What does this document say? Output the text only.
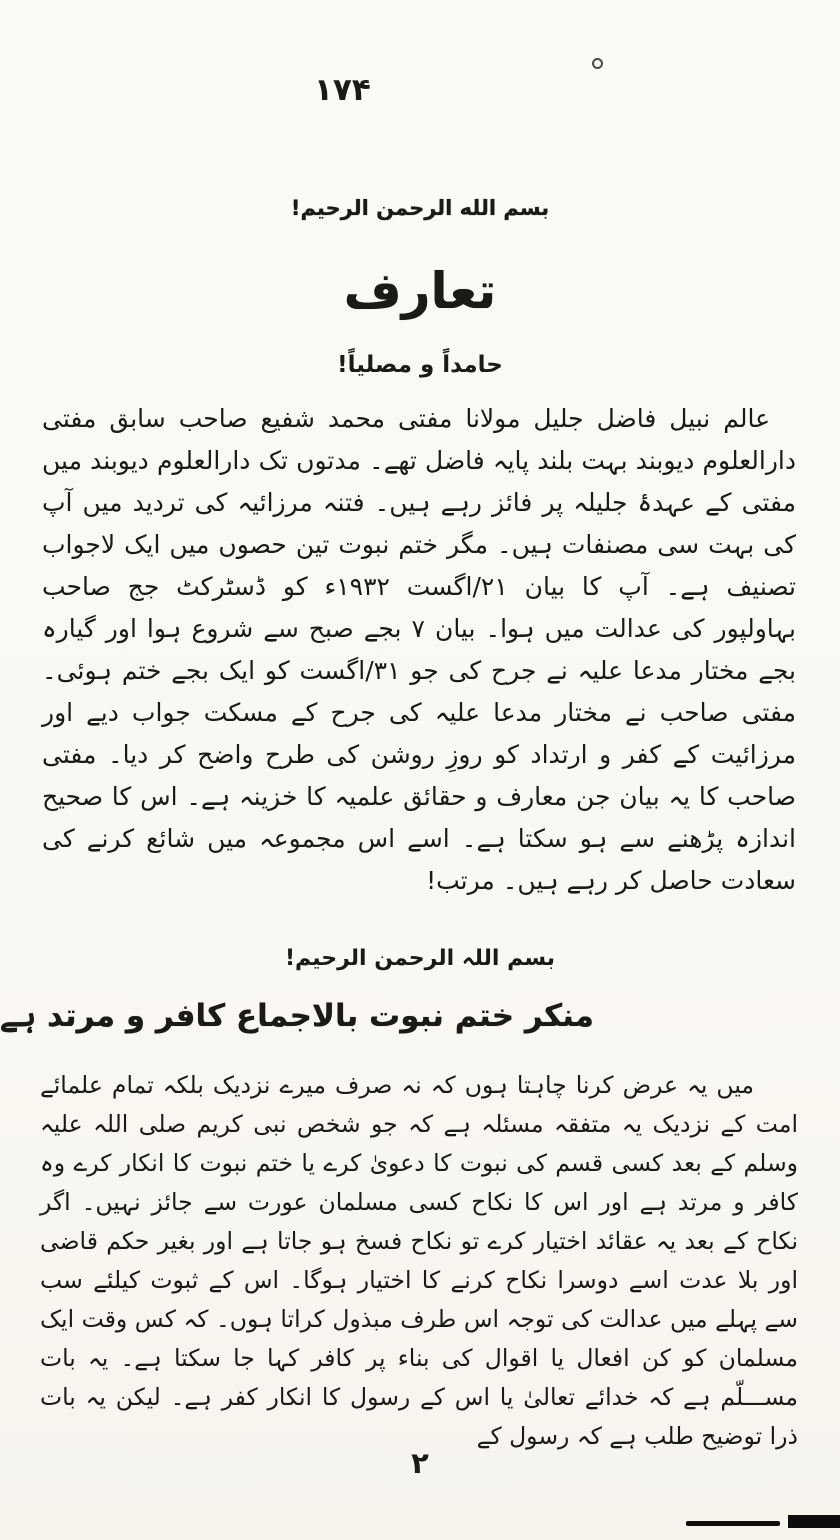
۱۷۴
بسم الله الرحمن الرحيم!
تعارف
حامداً و مصلیاً!

عالم نبیل فاضل جلیل مولانا مفتی محمد شفیع صاحب سابق مفتی دارالعلوم دیوبند بہت بلند پایہ فاضل تھے۔ مدتوں تک دارالعلوم دیوبند میں مفتی کے عہدۂ جلیلہ پر فائز رہے ہیں۔ فتنہ مرزائیہ کی تردید میں آپ کی بہت سی مصنفات ہیں۔ مگر ختم نبوت تین حصوں میں ایک لاجواب تصنیف ہے۔ آپ کا بیان ۲۱/اگست ۱۹۳۲ء کو ڈسٹرکٹ جج صاحب بہاولپور کی عدالت میں ہوا۔ بیان ۷ بجے صبح سے شروع ہوا اور گیارہ بجے مختار مدعا علیہ نے جرح کی جو ۳۱/اگست کو ایک بجے ختم ہوئی۔ مفتی صاحب نے مختار مدعا علیہ کی جرح کے مسکت جواب دیے اور مرزائیت کے کفر و ارتداد کو روزِ روشن کی طرح واضح کر دیا۔ مفتی صاحب کا یہ بیان جن معارف و حقائق علمیہ کا خزینہ ہے۔ اس کا صحیح اندازہ پڑھنے سے ہو سکتا ہے۔ اسے اس مجموعہ میں شائع کرنے کی سعادت حاصل کر رہے ہیں۔ مرتب!

بسم اللہ الرحمن الرحیم!
منکر ختم نبوت بالاجماع کافر و مرتد ہے

میں یہ عرض کرنا چاہتا ہوں کہ نہ صرف میرے نزدیک بلکہ تمام علمائے امت کے نزدیک یہ متفقہ مسئلہ ہے کہ جو شخص نبی کریم صلی اللہ علیہ وسلم کے بعد کسی قسم کی نبوت کا دعویٰ کرے یا ختم نبوت کا انکار کرے وہ کافر و مرتد ہے اور اس کا نکاح کسی مسلمان عورت سے جائز نہیں۔ اگر نکاح کے بعد یہ عقائد اختیار کرے تو نکاح فسخ ہو جاتا ہے اور بغیر حکم قاضی اور بلا عدت اسے دوسرا نکاح کرنے کا اختیار ہوگا۔ اس کے ثبوت کیلئے سب سے پہلے میں عدالت کی توجہ اس طرف مبذول کراتا ہوں۔ کہ کس وقت ایک مسلمان کو کن افعال یا اقوال کی بناء پر کافر کہا جا سکتا ہے۔ یہ بات مســـلّم ہے کہ خدائے تعالیٰ یا اس کے رسول کا انکار کفر ہے۔ لیکن یہ بات ذرا توضیح طلب ہے کہ رسول کے

۲
